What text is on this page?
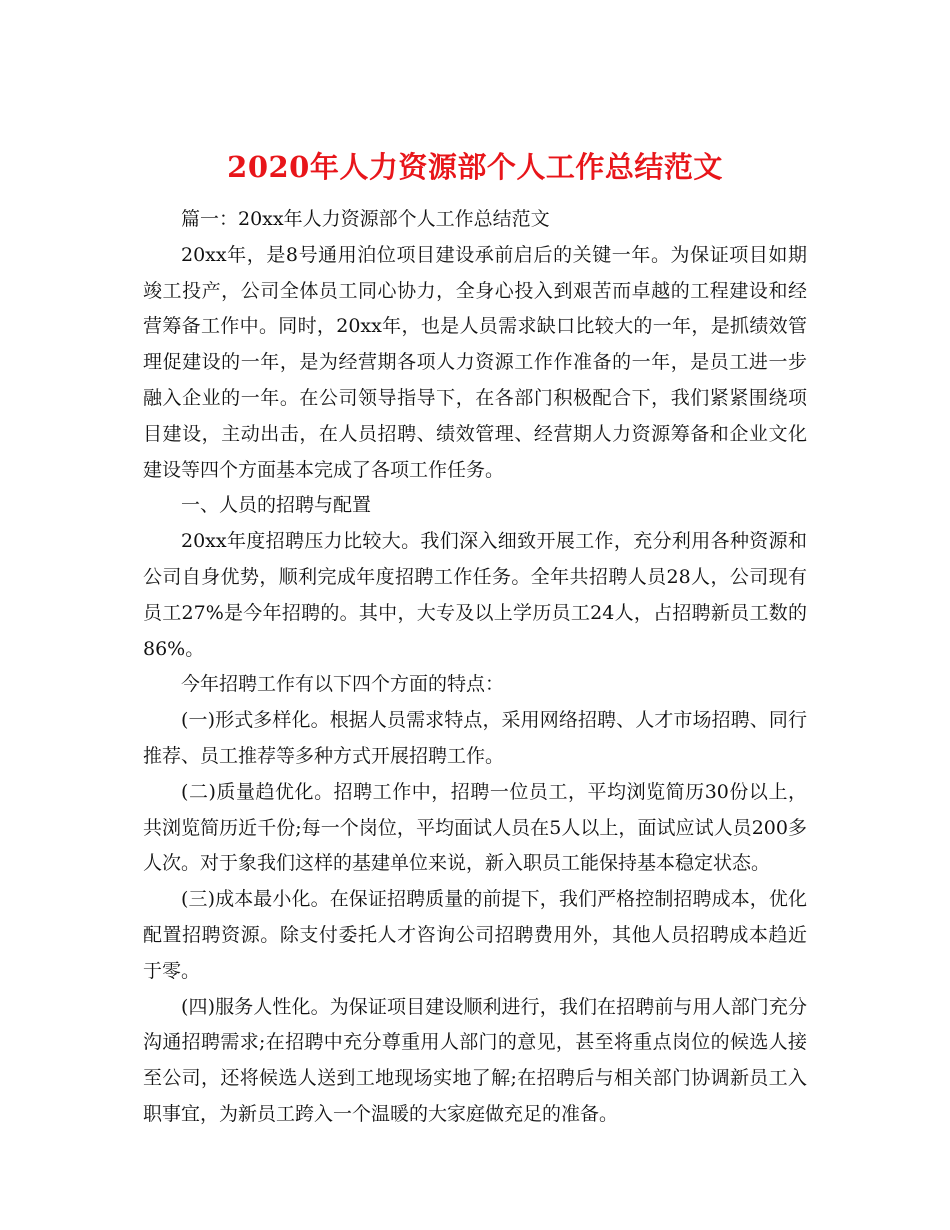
2020年人力资源部个人工作总结范文

篇一：20xx年人力资源部个人工作总结范文

20xx年，是8号通用泊位项目建设承前启后的关键一年。为保证项目如期竣工投产，公司全体员工同心协力，全身心投入到艰苦而卓越的工程建设和经营筹备工作中。同时，20xx年，也是人员需求缺口比较大的一年，是抓绩效管理促建设的一年，是为经营期各项人力资源工作作准备的一年，是员工进一步融入企业的一年。在公司领导指导下，在各部门积极配合下，我们紧紧围绕项目建设，主动出击，在人员招聘、绩效管理、经营期人力资源筹备和企业文化建设等四个方面基本完成了各项工作任务。

一、人员的招聘与配置

20xx年度招聘压力比较大。我们深入细致开展工作，充分利用各种资源和公司自身优势，顺利完成年度招聘工作任务。全年共招聘人员28人，公司现有员工27%是今年招聘的。其中，大专及以上学历员工24人，占招聘新员工数的86%。

今年招聘工作有以下四个方面的特点：

(一)形式多样化。根据人员需求特点，采用网络招聘、人才市场招聘、同行推荐、员工推荐等多种方式开展招聘工作。

(二)质量趋优化。招聘工作中，招聘一位员工，平均浏览简历30份以上，共浏览简历近千份;每一个岗位，平均面试人员在5人以上，面试应试人员200多人次。对于象我们这样的基建单位来说，新入职员工能保持基本稳定状态。

(三)成本最小化。在保证招聘质量的前提下，我们严格控制招聘成本，优化配置招聘资源。除支付委托人才咨询公司招聘费用外，其他人员招聘成本趋近于零。

(四)服务人性化。为保证项目建设顺利进行，我们在招聘前与用人部门充分沟通招聘需求;在招聘中充分尊重用人部门的意见，甚至将重点岗位的候选人接至公司，还将候选人送到工地现场实地了解;在招聘后与相关部门协调新员工入职事宜，为新员工跨入一个温暖的大家庭做充足的准备。
